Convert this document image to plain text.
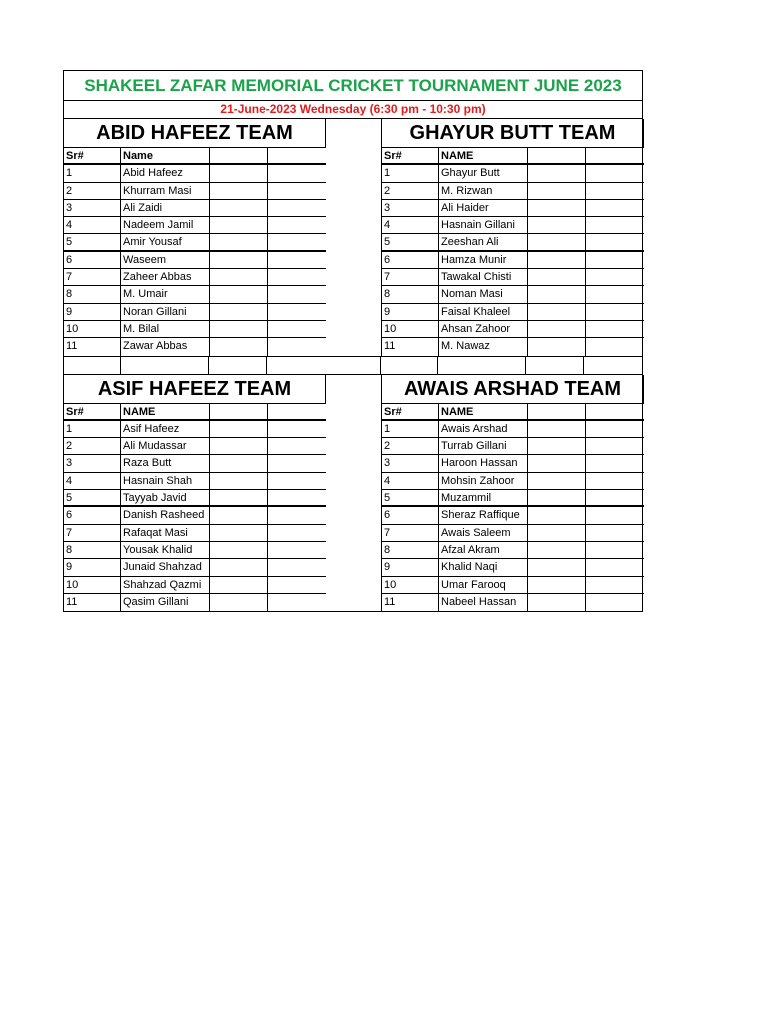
SHAKEEL ZAFAR MEMORIAL CRICKET TOURNAMENT JUNE 2023
21-June-2023 Wednesday (6:30 pm - 10:30 pm)
ABID HAFEEZ TEAM
Sr#	Name
1	Abid Hafeez
2	Khurram Masi
3	Ali Zaidi
4	Nadeem Jamil
5	Amir Yousaf
6	Waseem
7	Zaheer Abbas
8	M. Umair
9	Noran Gillani
10	M. Bilal
11	Zawar Abbas
GHAYUR BUTT TEAM
Sr#	NAME
1	Ghayur Butt
2	M. Rizwan
3	Ali Haider
4	Hasnain Gillani
5	Zeeshan Ali
6	Hamza Munir
7	Tawakal Chisti
8	Noman Masi
9	Faisal Khaleel
10	Ahsan Zahoor
11	M. Nawaz
ASIF HAFEEZ TEAM
Sr#	NAME
1	Asif Hafeez
2	Ali Mudassar
3	Raza Butt
4	Hasnain Shah
5	Tayyab Javid
6	Danish Rasheed
7	Rafaqat Masi
8	Yousak Khalid
9	Junaid Shahzad
10	Shahzad Qazmi
11	Qasim Gillani
AWAIS ARSHAD TEAM
Sr#	NAME
1	Awais Arshad
2	Turrab Gillani
3	Haroon Hassan
4	Mohsin Zahoor
5	Muzammil
6	Sheraz Raffique
7	Awais Saleem
8	Afzal Akram
9	Khalid Naqi
10	Umar Farooq
11	Nabeel Hassan
